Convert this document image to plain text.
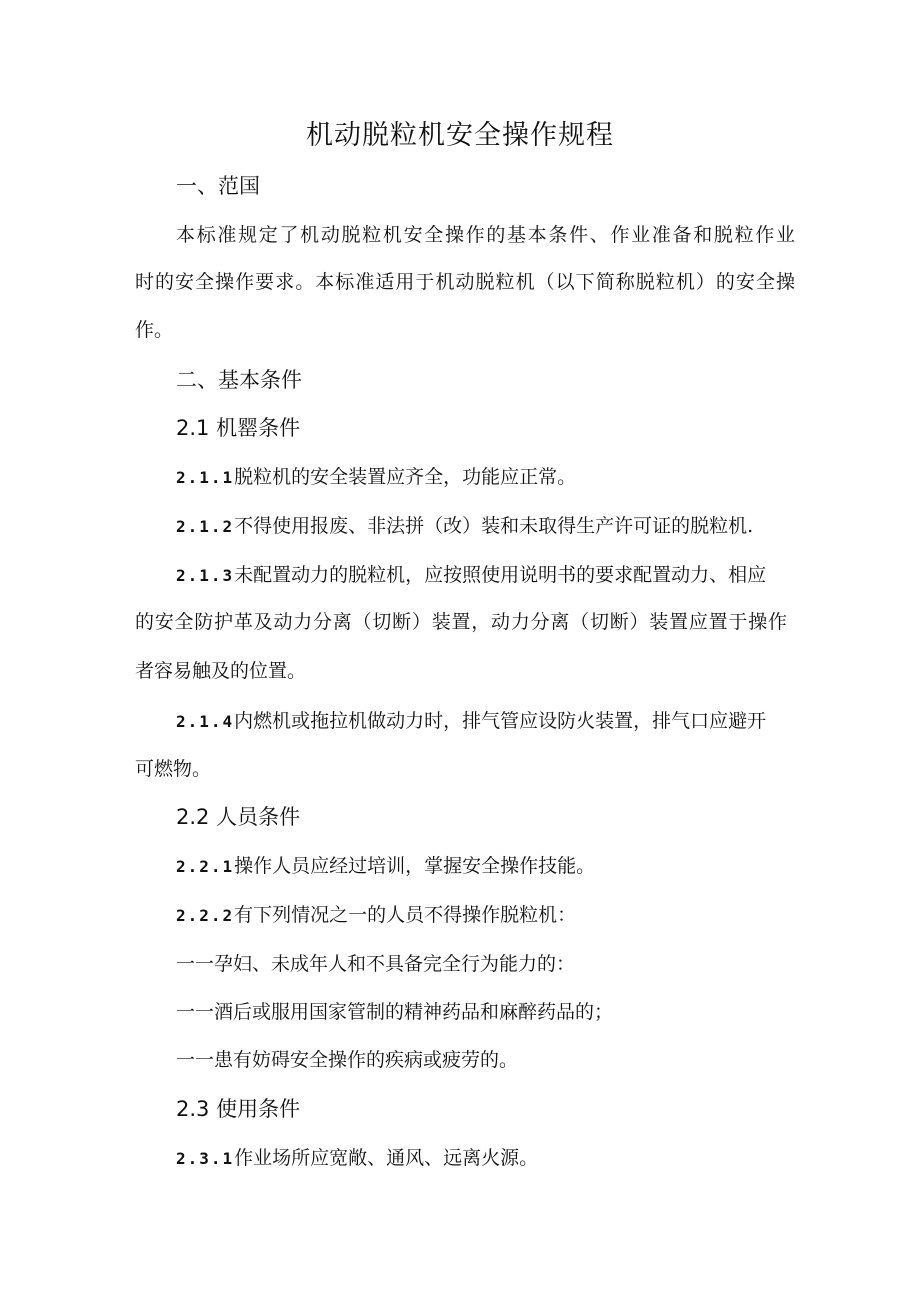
机动脱粒机安全操作规程
一、范国
本标准规定了机动脱粒机安全操作的基本条件、作业准备和脱粒作业
时的安全操作要求。本标准适用于机动脱粒机（以下简称脱粒机）的安全操
作。
二、基本条件
2.1 机罂条件
2.1.1脱粒机的安全装置应齐全，功能应正常。
2.1.2不得使用报废、非法拼（改）装和未取得生产许可证的脱粒机.
2.1.3未配置动力的脱粒机，应按照使用说明书的要求配置动力、相应
的安全防护革及动力分离（切断）装置，动力分离（切断）装置应置于操作
者容易触及的位置。
2.1.4内燃机或拖拉机做动力时，排气管应设防火装置，排气口应避开
可燃物。
2.2 人员条件
2.2.1操作人员应经过培训，掌握安全操作技能。
2.2.2有下列情况之一的人员不得操作脱粒机：
一一孕妇、未成年人和不具备完全行为能力的：
一一酒后或服用国家管制的精神药品和麻醉药品的；
一一患有妨碍安全操作的疾病或疲劳的。
2.3 使用条件
2.3.1作业场所应宽敞、通风、远离火源。
